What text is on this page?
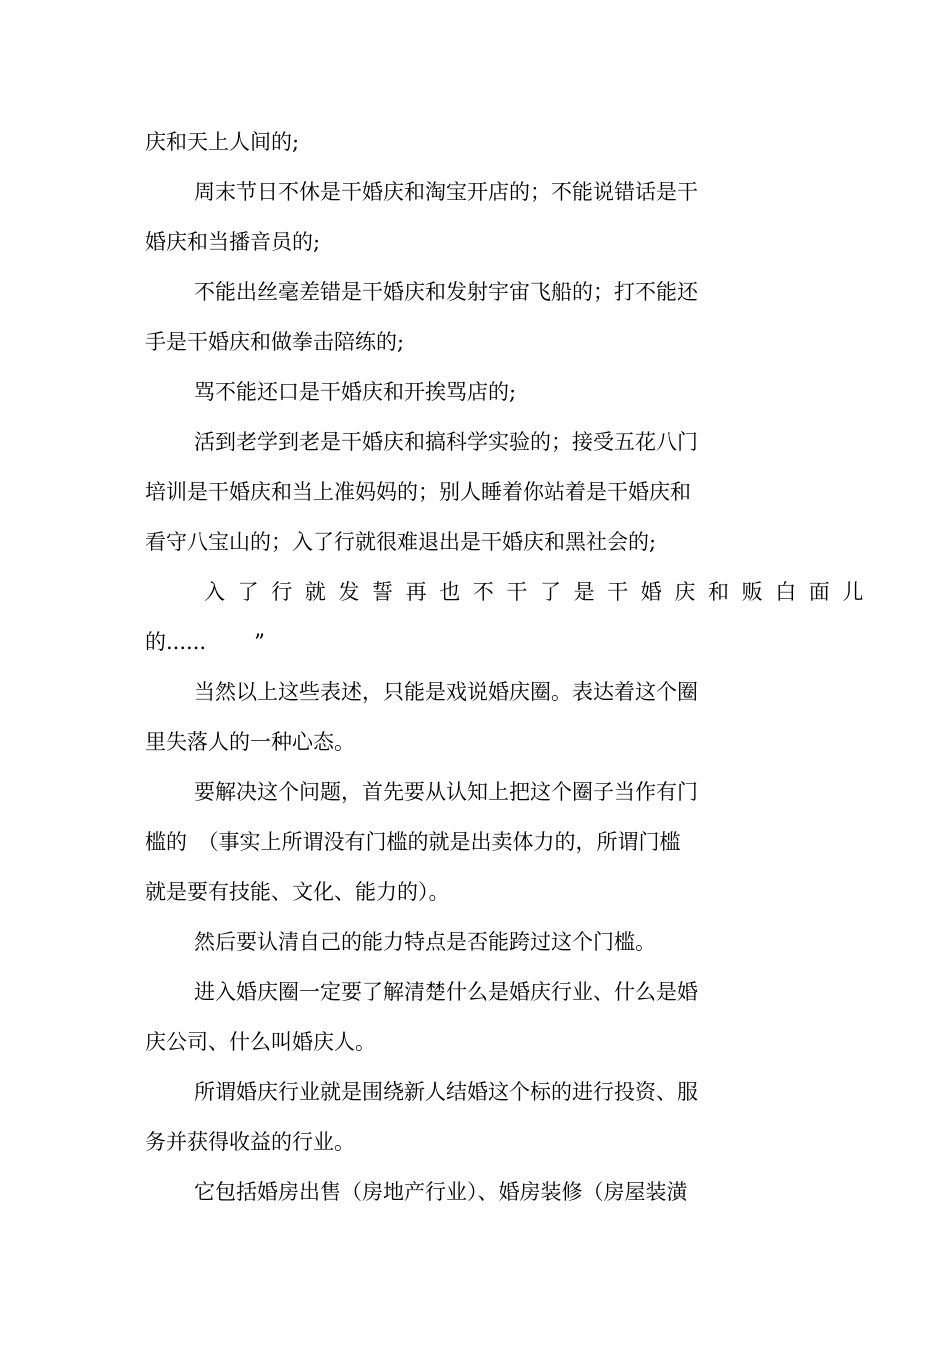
庆和天上人间的;
周末节日不休是干婚庆和淘宝开店的；不能说错话是干
婚庆和当播音员的;
不能出丝毫差错是干婚庆和发射宇宙飞船的；打不能还
手是干婚庆和做拳击陪练的;
骂不能还口是干婚庆和开挨骂店的;
活到老学到老是干婚庆和搞科学实验的；接受五花八门
培训是干婚庆和当上准妈妈的；别人睡着你站着是干婚庆和
看守八宝山的；入了行就很难退出是干婚庆和黑社会的;
入了行就发誓再也不干了是干婚庆和贩白面儿
的...... ”
当然以上这些表述，只能是戏说婚庆圈。表达着这个圈
里失落人的一种心态。
要解决这个问题，首先要从认知上把这个圈子当作有门
槛的　（事实上所谓没有门槛的就是出卖体力的，所谓门槛
就是要有技能、文化、能力的）。
然后要认清自己的能力特点是否能跨过这个门槛。
进入婚庆圈一定要了解清楚什么是婚庆行业、什么是婚
庆公司、什么叫婚庆人。
所谓婚庆行业就是围绕新人结婚这个标的进行投资、服
务并获得收益的行业。
它包括婚房出售（房地产行业）、婚房装修（房屋装潢
